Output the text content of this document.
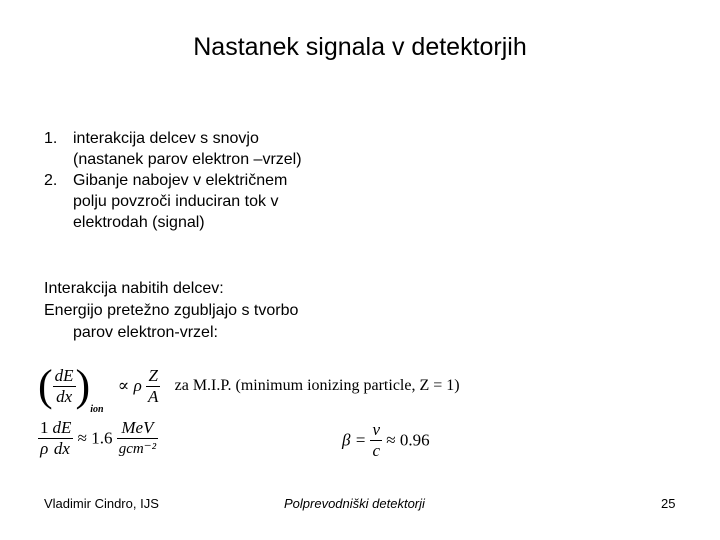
Nastanek signala v detektorjih
1. interakcija delcev s snovjo
(nastanek parov elektron –vrzel)
2. Gibanje nabojev v električnem
polju povzroči induciran tok v
elektrodah (signal)
Interakcija nabitih delcev:
Energijo pretežno zgubljajo s tvorbo
parov elektron-vrzel:
( $\frac{dE}{dx} )_{ion} \propto \rho \frac{Z}{A}$ za M.I.P. (minimum ionizing particle, Z = 1)
$\frac{1}{\rho} \frac{dE}{dx} \approx 1.6 \frac{\text{MeV}}{\text{gcm⁻²}}$	$\beta = \frac{v}{c} \approx 0.96$
Vladimir Cindro, IJS	Polprevodniški detektorji	25
